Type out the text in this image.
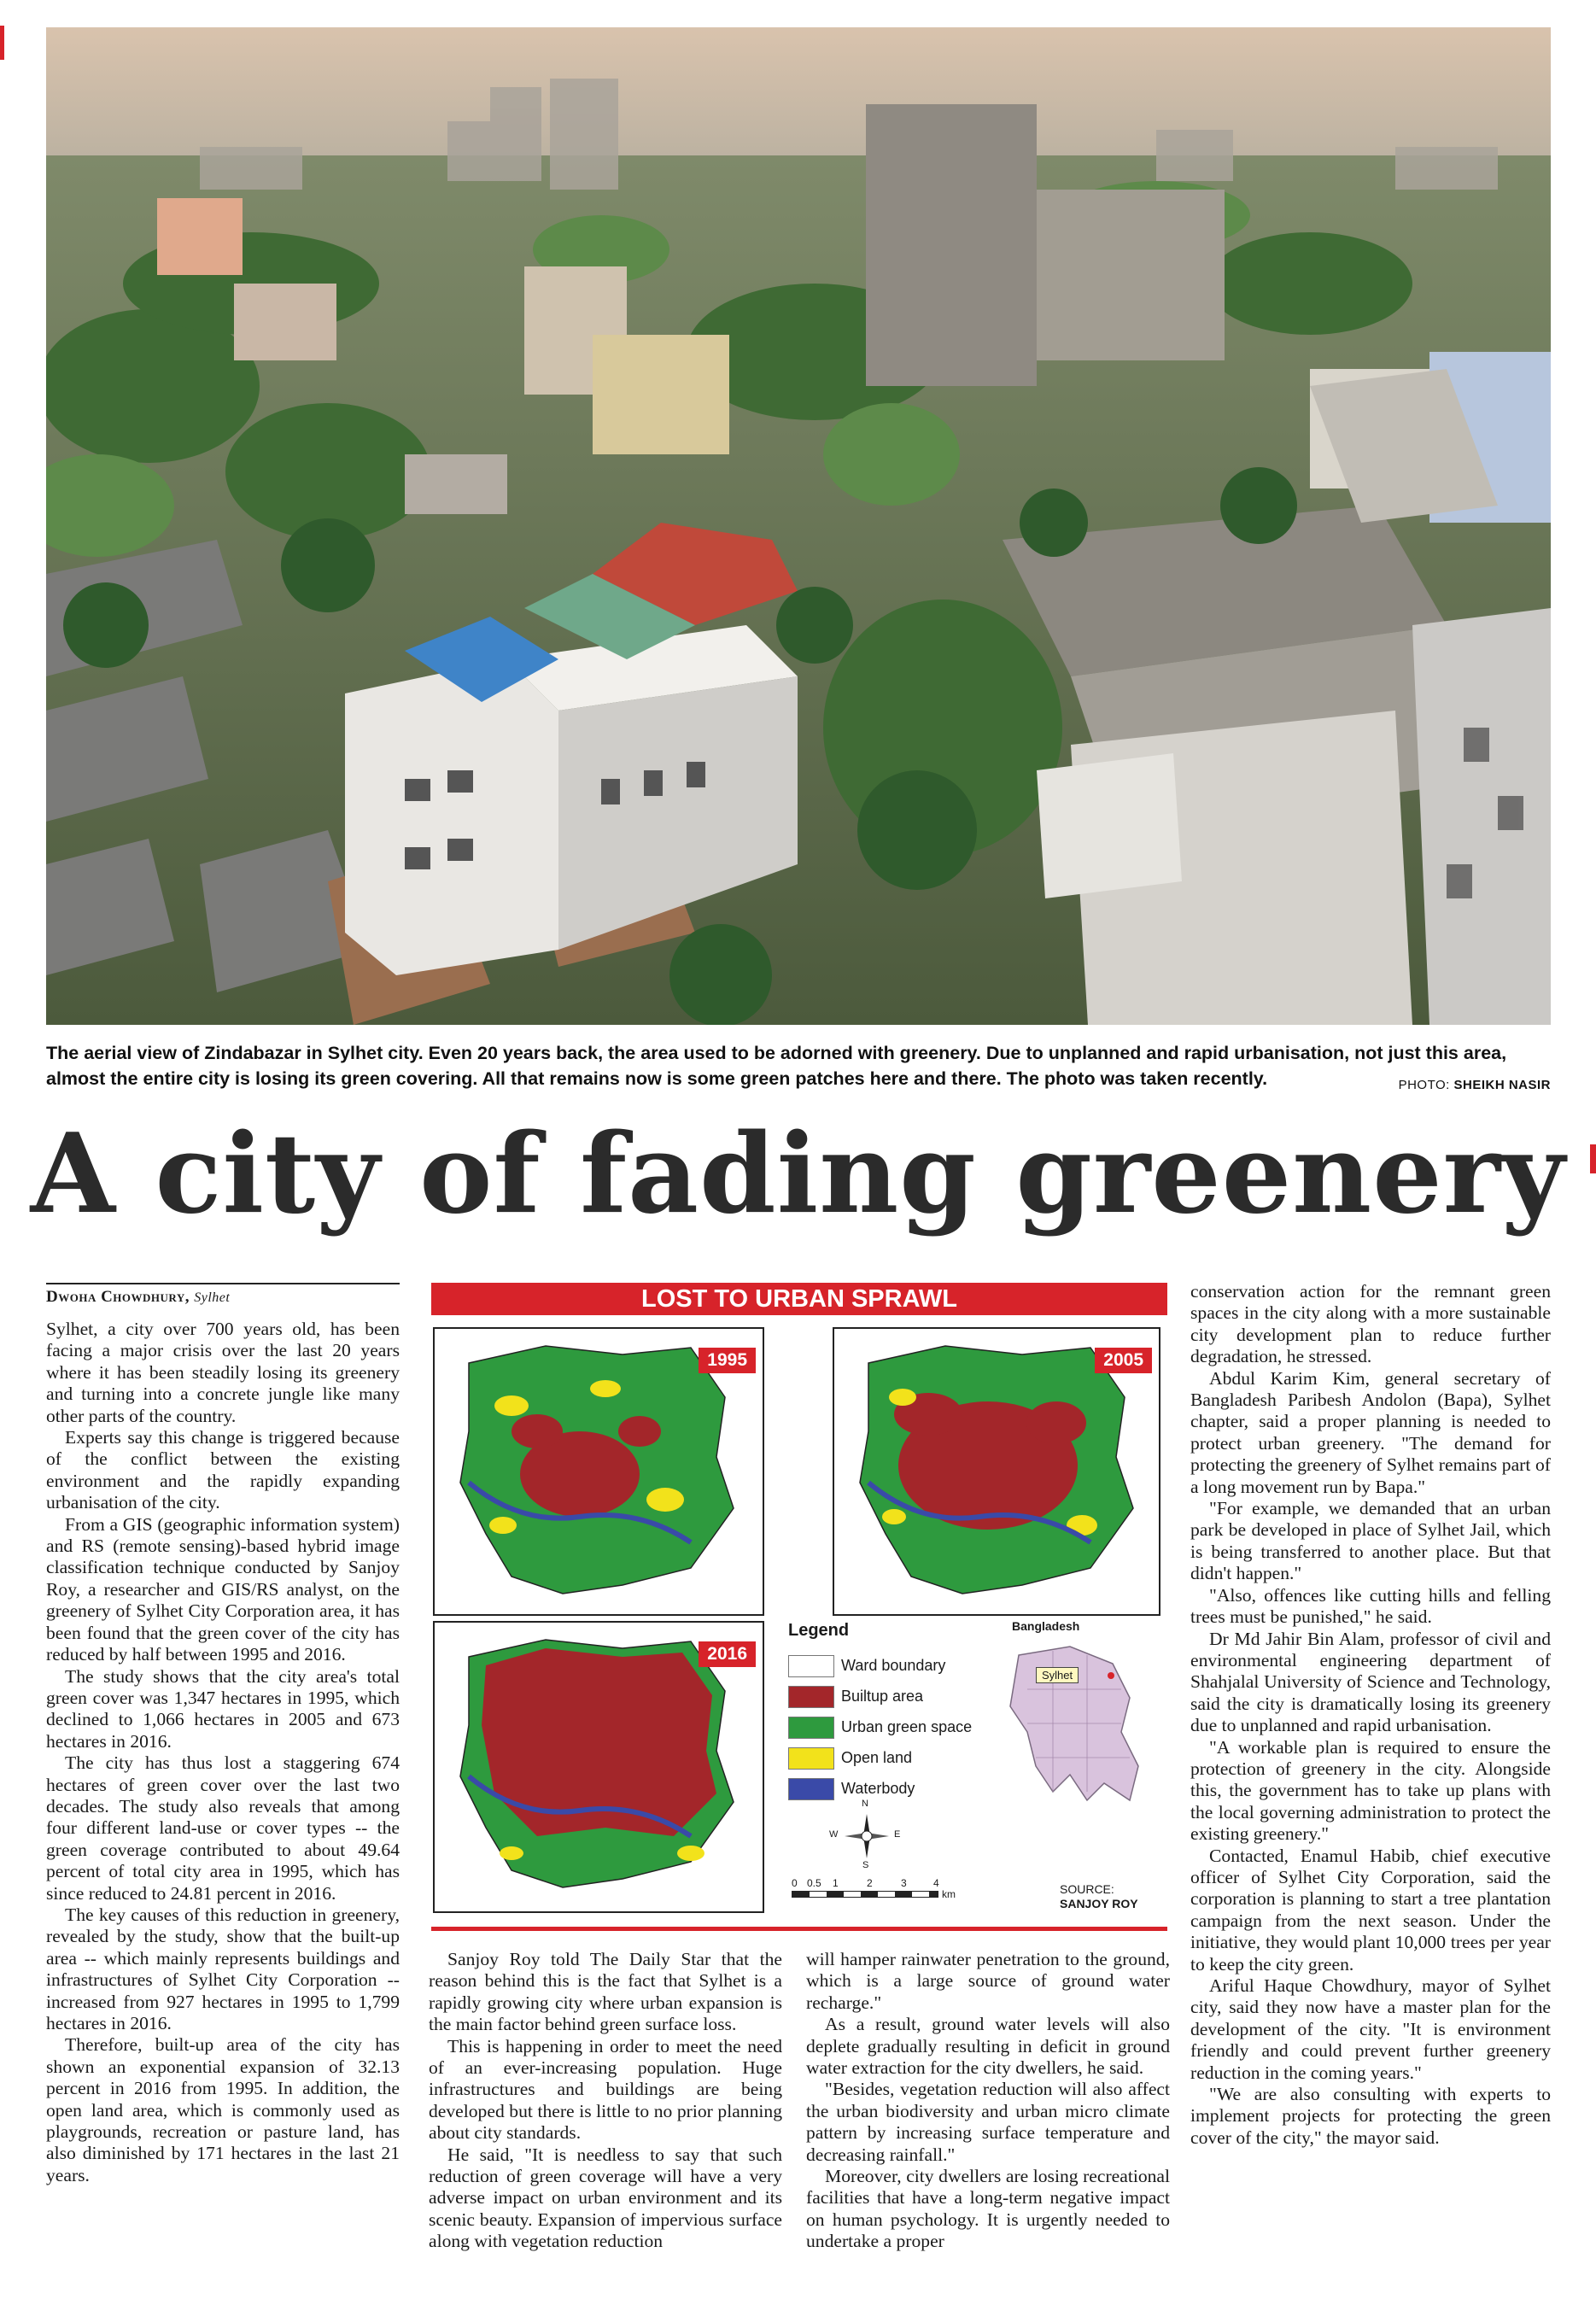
The aerial view of Zindabazar in Sylhet city. Even 20 years back, the area used to be adorned with greenery. Due to unplanned and rapid urbanisation, not just this area, almost the entire city is losing its green covering. All that remains now is some green patches here and there. The photo was taken recently.	PHOTO: SHEIKH NASIR
A city of fading greenery
Dwoha Chowdhury, Sylhet

Sylhet, a city over 700 years old, has been facing a major crisis over the last 20 years where it has been steadily losing its greenery and turning into a concrete jungle like many other parts of the country.

Experts say this change is triggered because of the conflict between the existing environment and the rapidly expanding urbanisation of the city.

From a GIS (geographic information system) and RS (remote sensing)-based hybrid image classification technique conducted by Sanjoy Roy, a researcher and GIS/RS analyst, on the greenery of Sylhet City Corporation area, it has been found that the green cover of the city has reduced by half between 1995 and 2016.

The study shows that the city area's total green cover was 1,347 hectares in 1995, which declined to 1,066 hectares in 2005 and 673 hectares in 2016.

The city has thus lost a staggering 674 hectares of green cover over the last two decades. The study also reveals that among four different land-use or cover types -- the green coverage contributed to about 49.64 percent of total city area in 1995, which has since reduced to 24.81 percent in 2016.

The key causes of this reduction in greenery, revealed by the study, show that the built-up area -- which mainly represents buildings and infrastructures of Sylhet City Corporation -- increased from 927 hectares in 1995 to 1,799 hectares in 2016.

Therefore, built-up area of the city has shown an exponential expansion of 32.13 percent in 2016 from 1995. In addition, the open land area, which is commonly used as playgrounds, recreation or pasture land, has also diminished by 171 hectares in the last 21 years.

LOST TO URBAN SPRAWL
1995	2005
2016
Legend
Ward boundary
Builtup area
Urban green space
Open land
Waterbody
Bangladesh
Sylhet
N
S
E
W
0 0.5 1	2	3	4
km	SOURCE:
SANJOY ROY

Sanjoy Roy told The Daily Star that the reason behind this is the fact that Sylhet is a rapidly growing city where urban expansion is the main factor behind green surface loss.

This is happening in order to meet the need of an ever-increasing population. Huge infrastructures and buildings are being developed but there is little to no prior planning about city standards.

He said, "It is needless to say that such reduction of green coverage will have a very adverse impact on urban environment and its scenic beauty. Expansion of impervious surface along with vegetation reduction

will hamper rainwater penetration to the ground, which is a large source of ground water recharge."

As a result, ground water levels will also deplete gradually resulting in deficit in ground water extraction for the city dwellers, he said.

"Besides, vegetation reduction will also affect the urban biodiversity and urban micro climate pattern by increasing surface temperature and decreasing rainfall."

Moreover, city dwellers are losing recreational facilities that have a long-term negative impact on human psychology. It is urgently needed to undertake a proper

conservation action for the remnant green spaces in the city along with a more sustainable city development plan to reduce further degradation, he stressed.

Abdul Karim Kim, general secretary of Bangladesh Paribesh Andolon (Bapa), Sylhet chapter, said a proper planning is needed to protect urban greenery. "The demand for protecting the greenery of Sylhet remains part of a long movement run by Bapa."

"For example, we demanded that an urban park be developed in place of Sylhet Jail, which is being transferred to another place. But that didn't happen."

"Also, offences like cutting hills and felling trees must be punished," he said.

Dr Md Jahir Bin Alam, professor of civil and environmental engineering department of Shahjalal University of Science and Technology, said the city is dramatically losing its greenery due to unplanned and rapid urbanisation.

"A workable plan is required to ensure the protection of greenery in the city. Alongside this, the government has to take up plans with the local governing administration to protect the existing greenery."

Contacted, Enamul Habib, chief executive officer of Sylhet City Corporation, said the corporation is planning to start a tree plantation campaign from the next season. Under the initiative, they would plant 10,000 trees per year to keep the city green.

Ariful Haque Chowdhury, mayor of Sylhet city, said they now have a master plan for the development of the city. "It is environment friendly and could prevent further greenery reduction in the coming years."

"We are also consulting with experts to implement projects for protecting the green cover of the city," the mayor said.
